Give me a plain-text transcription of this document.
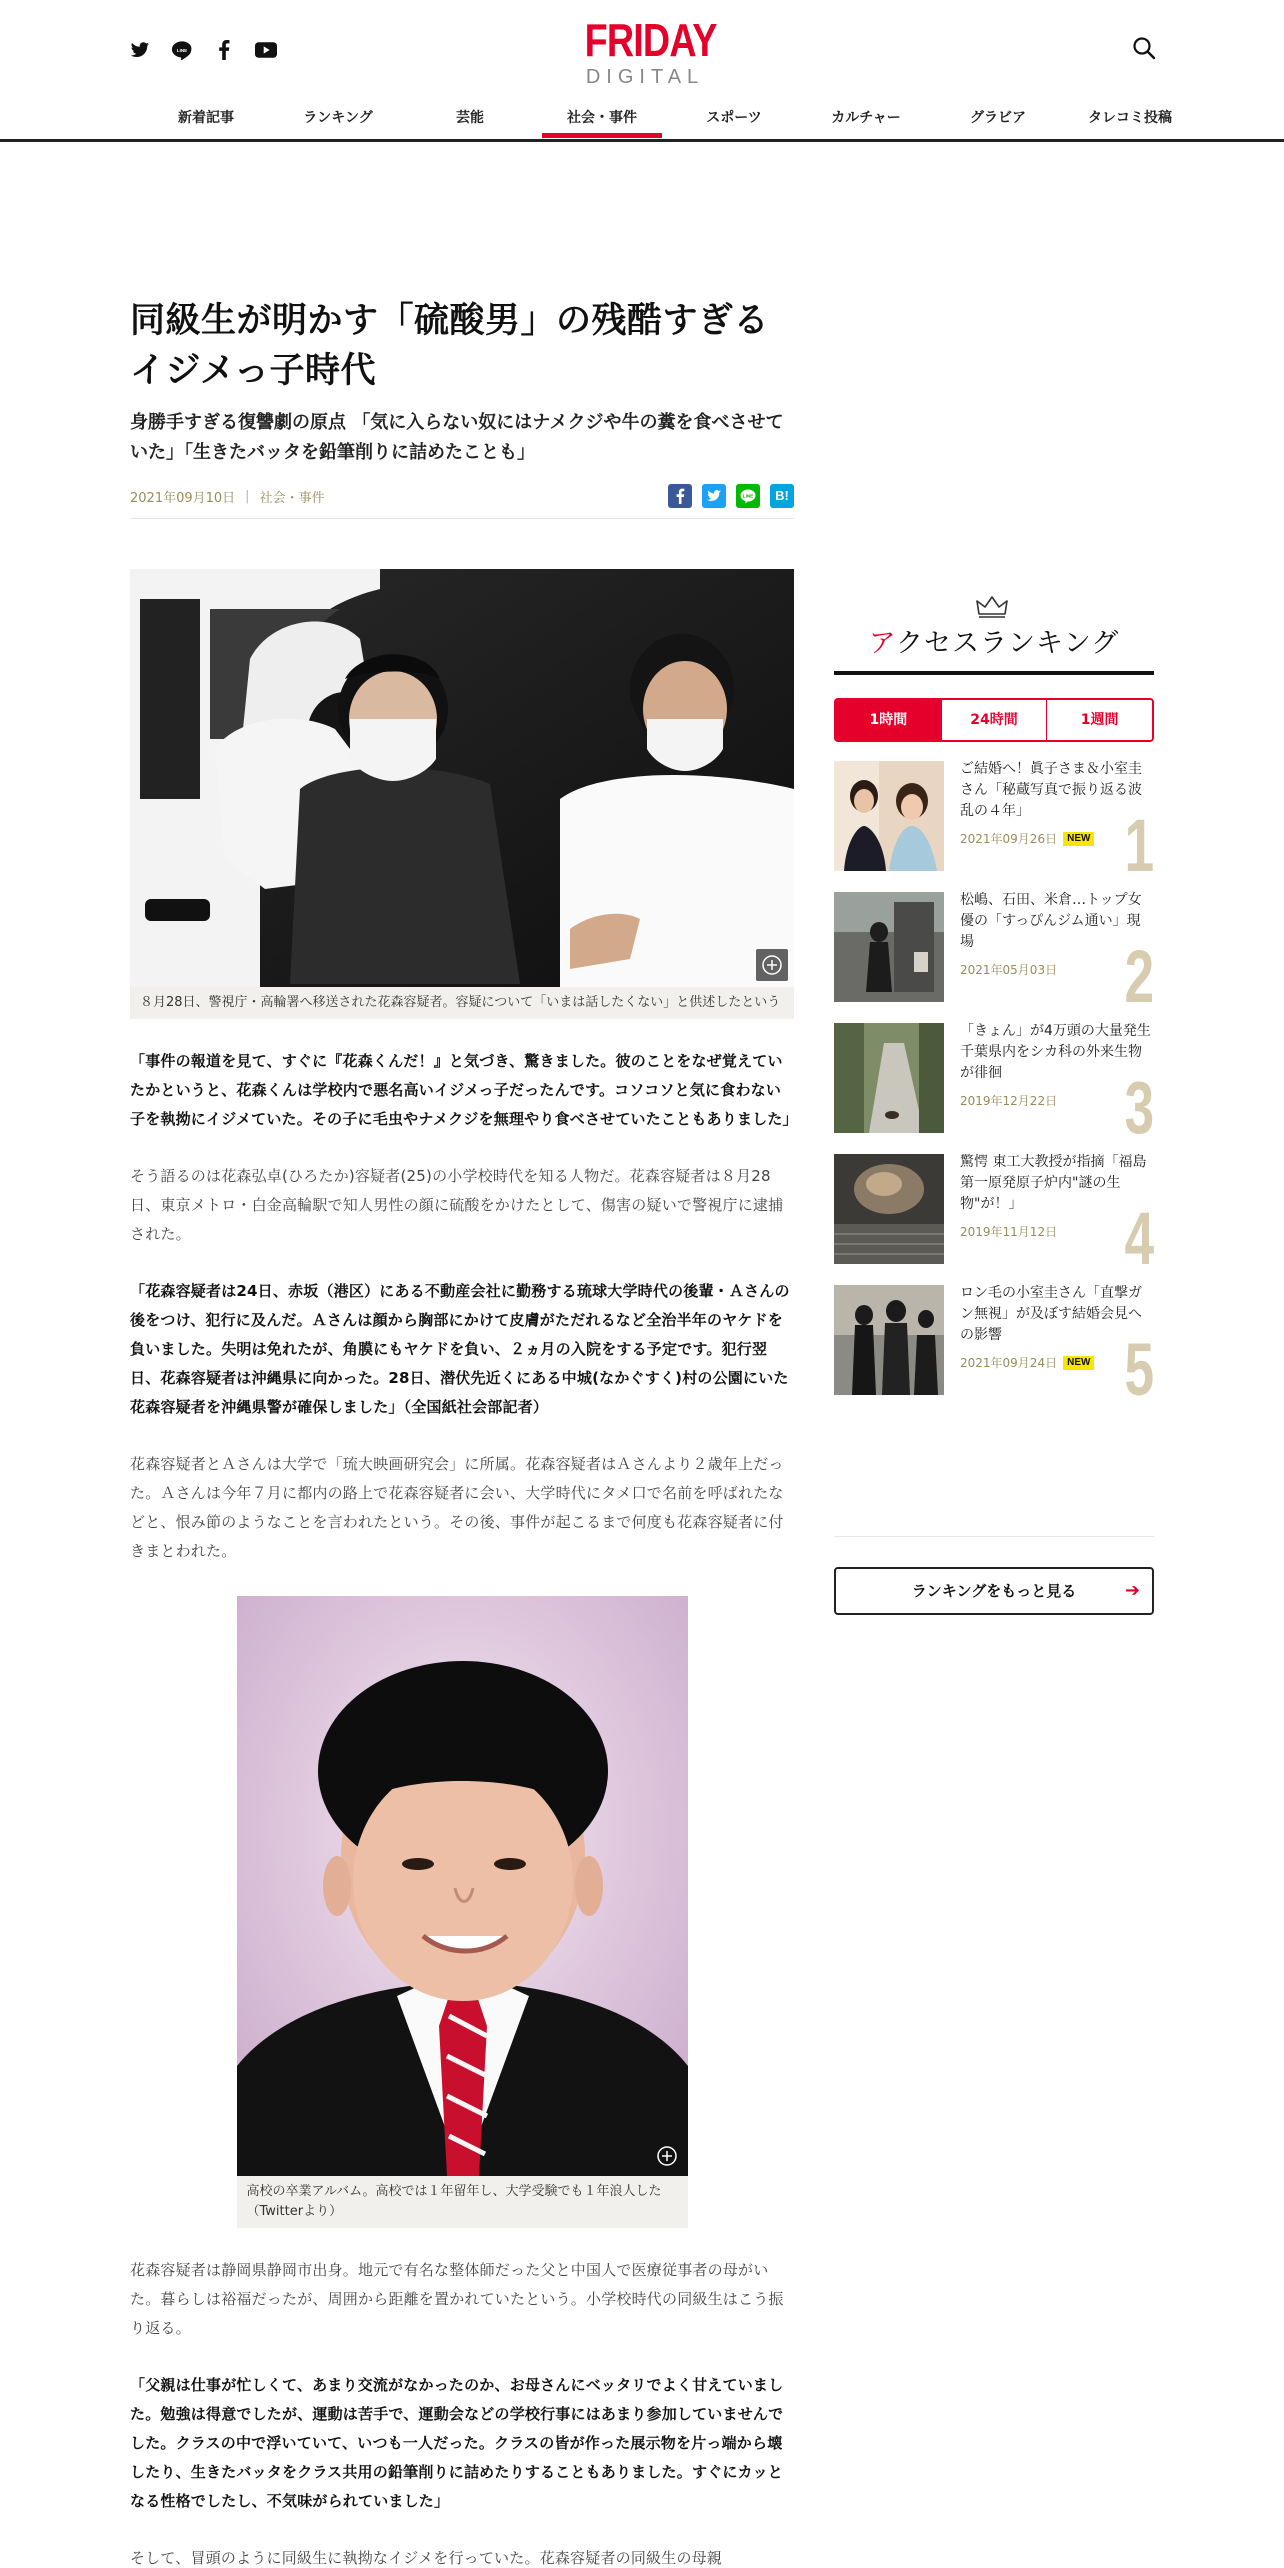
LINE	FRIDAY
DIGITAL
新着記事	ランキング	芸能	社会・事件	スポーツ	カルチャー	グラビア	タレコミ投稿
同級生が明かす「硫酸男」の残酷すぎるイジメっ子時代

身勝手すぎる復讐劇の原点 「気に入らない奴にはナメクジや牛の糞を食べさせていた」「生きたバッタを鉛筆削りに詰めたことも」

2021年09月10日 | 社会・事件	LINE	B!
８月28日、警視庁・高輪署へ移送された花森容疑者。容疑について「いまは話したくない」と供述したという

「事件の報道を見て、すぐに『花森くんだ！』と気づき、驚きました。彼のことをなぜ覚えていたかというと、花森くんは学校内で悪名高いイジメっ子だったんです。コソコソと気に食わない子を執拗にイジメていた。その子に毛虫やナメクジを無理やり食べさせていたこともありました」

そう語るのは花森弘卓(ひろたか)容疑者(25)の小学校時代を知る人物だ。花森容疑者は８月28日、東京メトロ・白金高輪駅で知人男性の顔に硫酸をかけたとして、傷害の疑いで警視庁に逮捕された。

「花森容疑者は24日、赤坂（港区）にある不動産会社に勤務する琉球大学時代の後輩・Ａさんの後をつけ、犯行に及んだ。Ａさんは顔から胸部にかけて皮膚がただれるなど全治半年のヤケドを負いました。失明は免れたが、角膜にもヤケドを負い、２ヵ月の入院をする予定です。犯行翌日、花森容疑者は沖縄県に向かった。28日、潜伏先近くにある中城(なかぐすく)村の公園にいた花森容疑者を沖縄県警が確保しました」（全国紙社会部記者）

花森容疑者とＡさんは大学で「琉大映画研究会」に所属。花森容疑者はＡさんより２歳年上だった。Ａさんは今年７月に都内の路上で花森容疑者に会い、大学時代にタメ口で名前を呼ばれたなどと、恨み節のようなことを言われたという。その後、事件が起こるまで何度も花森容疑者に付きまとわれた。

高校の卒業アルバム。高校では１年留年し、大学受験でも１年浪人した（Twitterより）

花森容疑者は静岡県静岡市出身。地元で有名な整体師だった父と中国人で医療従事者の母がいた。暮らしは裕福だったが、周囲から距離を置かれていたという。小学校時代の同級生はこう振り返る。

「父親は仕事が忙しくて、あまり交流がなかったのか、お母さんにベッタリでよく甘えていました。勉強は得意でしたが、運動は苦手で、運動会などの学校行事にはあまり参加していませんでした。クラスの中で浮いていて、いつも一人だった。クラスの皆が作った展示物を片っ端から壊したり、生きたバッタをクラス共用の鉛筆削りに詰めたりすることもありました。すぐにカッとなる性格でしたし、不気味がられていました」

そして、冒頭のように同級生に執拗なイジメを行っていた。花森容疑者の同級生の母親

アクセスランキング
1時間	24時間	1週間
ご結婚へ！眞子さま＆小室圭さん「秘蔵写真で振り返る波乱の４年」
2021年09月26日	NEW 1
松嶋、石田、米倉…トップ女優の「すっぴんジム通い」現場
2021年05月03日 2
「きょん」が4万頭の大量発生 千葉県内をシカ科の外来生物が徘徊
2019年12月22日 3
驚愕 東工大教授が指摘「福島第一原発原子炉内"謎の生物"が！」
2019年11月12日 4
ロン毛の小室圭さん「直撃ガン無視」が及ぼす結婚会見への影響
2021年09月24日	NEW 5
ランキングをもっと見る	➔
